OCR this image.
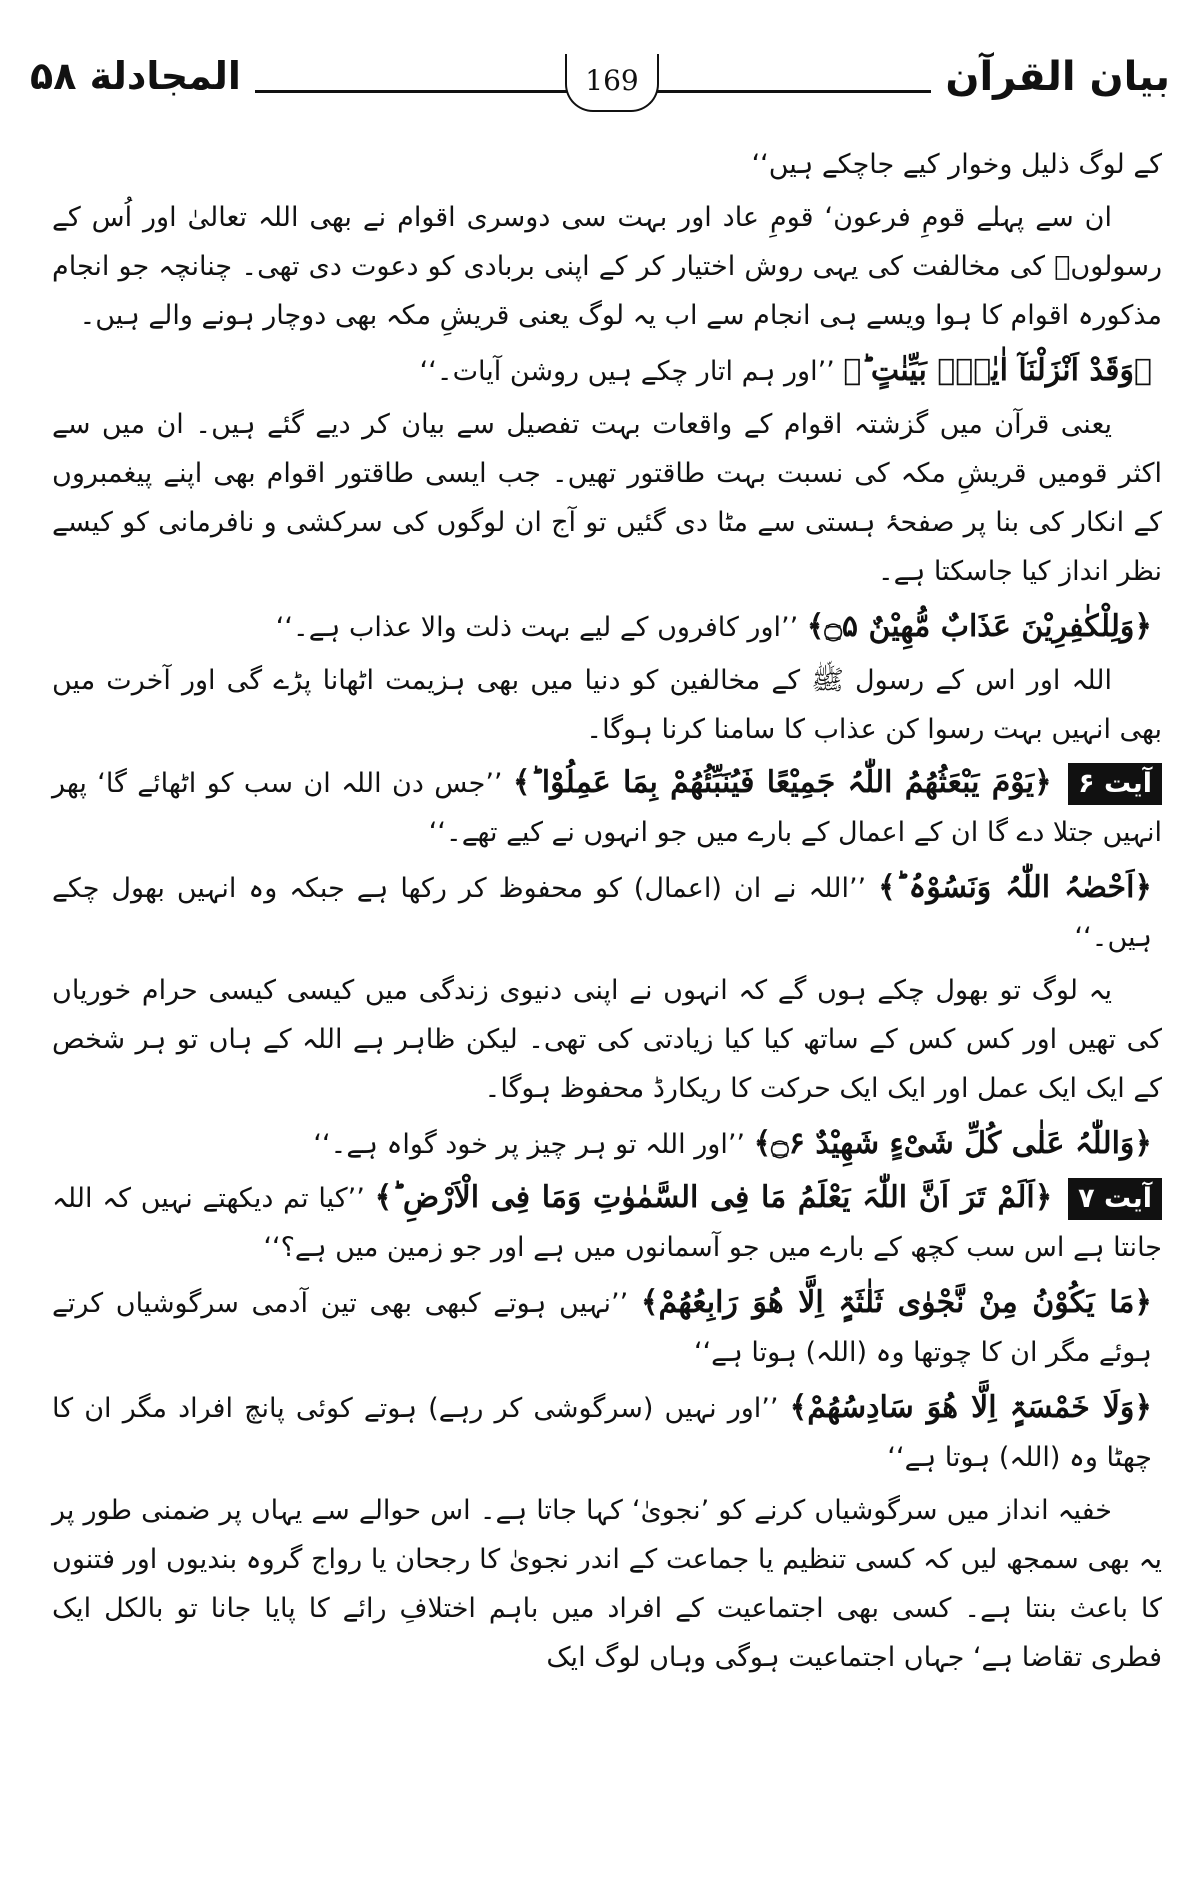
بیان القرآن
169
المجادلة ۵۸

کے لوگ ذلیل وخوار کیے جاچکے ہیں‘‘

ان سے پہلے قومِ فرعون‘ قومِ عاد اور بہت سی دوسری اقوام نے بھی اللہ تعالیٰ اور اُس کے رسولوںؑ کی مخالفت کی یہی روش اختیار کر کے اپنی بربادی کو دعوت دی تھی۔ چنانچہ جو انجام مذکورہ اقوام کا ہوا ویسے ہی انجام سے اب یہ لوگ یعنی قریشِ مکہ بھی دوچار ہونے والے ہیں۔

﴿وَقَدْ اَنْزَلْنَآ اٰیٰتٍۢ بَیِّنٰتٍ ؕ﴾ ’’اور ہم اتار چکے ہیں روشن آیات۔‘‘

یعنی قرآن میں گزشتہ اقوام کے واقعات بہت تفصیل سے بیان کر دیے گئے ہیں۔ ان میں سے اکثر قومیں قریشِ مکہ کی نسبت بہت طاقتور تھیں۔ جب ایسی طاقتور اقوام بھی اپنے پیغمبروں کے انکار کی بنا پر صفحۂ ہستی سے مٹا دی گئیں تو آج ان لوگوں کی سرکشی و نافرمانی کو کیسے نظر انداز کیا جاسکتا ہے۔

﴿وَلِلْکٰفِرِیْنَ عَذَابٌ مُّھِیْنٌ ۝۵﴾ ’’اور کافروں کے لیے بہت ذلت والا عذاب ہے۔‘‘

اللہ اور اس کے رسول ﷺ کے مخالفین کو دنیا میں بھی ہزیمت اٹھانا پڑے گی اور آخرت میں بھی انہیں بہت رسوا کن عذاب کا سامنا کرنا ہوگا۔

آیت ۶ ﴿یَوْمَ یَبْعَثُھُمُ اللّٰہُ جَمِیْعًا فَیُنَبِّئُھُمْ بِمَا عَمِلُوْا ؕ﴾ ’’جس دن اللہ ان سب کو اٹھائے گا‘ پھر انہیں جتلا دے گا ان کے اعمال کے بارے میں جو انہوں نے کیے تھے۔‘‘

﴿اَحْصٰہُ اللّٰہُ وَنَسُوْہُ ؕ﴾ ’’اللہ نے ان (اعمال) کو محفوظ کر رکھا ہے جبکہ وہ انہیں بھول چکے ہیں۔‘‘

یہ لوگ تو بھول چکے ہوں گے کہ انہوں نے اپنی دنیوی زندگی میں کیسی کیسی حرام خوریاں کی تھیں اور کس کس کے ساتھ کیا کیا زیادتی کی تھی۔ لیکن ظاہر ہے اللہ کے ہاں تو ہر شخص کے ایک ایک عمل اور ایک ایک حرکت کا ریکارڈ محفوظ ہوگا۔

﴿وَاللّٰہُ عَلٰی کُلِّ شَیْءٍ شَھِیْدٌ ۝۶﴾ ’’اور اللہ تو ہر چیز پر خود گواہ ہے۔‘‘

آیت ۷ ﴿اَلَمْ تَرَ اَنَّ اللّٰہَ یَعْلَمُ مَا فِی السَّمٰوٰتِ وَمَا فِی الْاَرْضِ ؕ﴾ ’’کیا تم دیکھتے نہیں کہ اللہ جانتا ہے اس سب کچھ کے بارے میں جو آسمانوں میں ہے اور جو زمین میں ہے؟‘‘

﴿مَا یَکُوْنُ مِنْ نَّجْوٰی ثَلٰثَۃٍ اِلَّا ھُوَ رَابِعُھُمْ﴾ ’’نہیں ہوتے کبھی بھی تین آدمی سرگوشیاں کرتے ہوئے مگر ان کا چوتھا وہ (اللہ) ہوتا ہے‘‘

﴿وَلَا خَمْسَۃٍ اِلَّا ھُوَ سَادِسُھُمْ﴾ ’’اور نہیں (سرگوشی کر رہے) ہوتے کوئی پانچ افراد مگر ان کا چھٹا وہ (اللہ) ہوتا ہے‘‘

خفیہ انداز میں سرگوشیاں کرنے کو ’نجویٰ‘ کہا جاتا ہے۔ اس حوالے سے یہاں پر ضمنی طور پر یہ بھی سمجھ لیں کہ کسی تنظیم یا جماعت کے اندر نجویٰ کا رجحان یا رواج گروہ بندیوں اور فتنوں کا باعث بنتا ہے۔ کسی بھی اجتماعیت کے افراد میں باہم اختلافِ رائے کا پایا جانا تو بالکل ایک فطری تقاضا ہے‘ جہاں اجتماعیت ہوگی وہاں لوگ ایک
